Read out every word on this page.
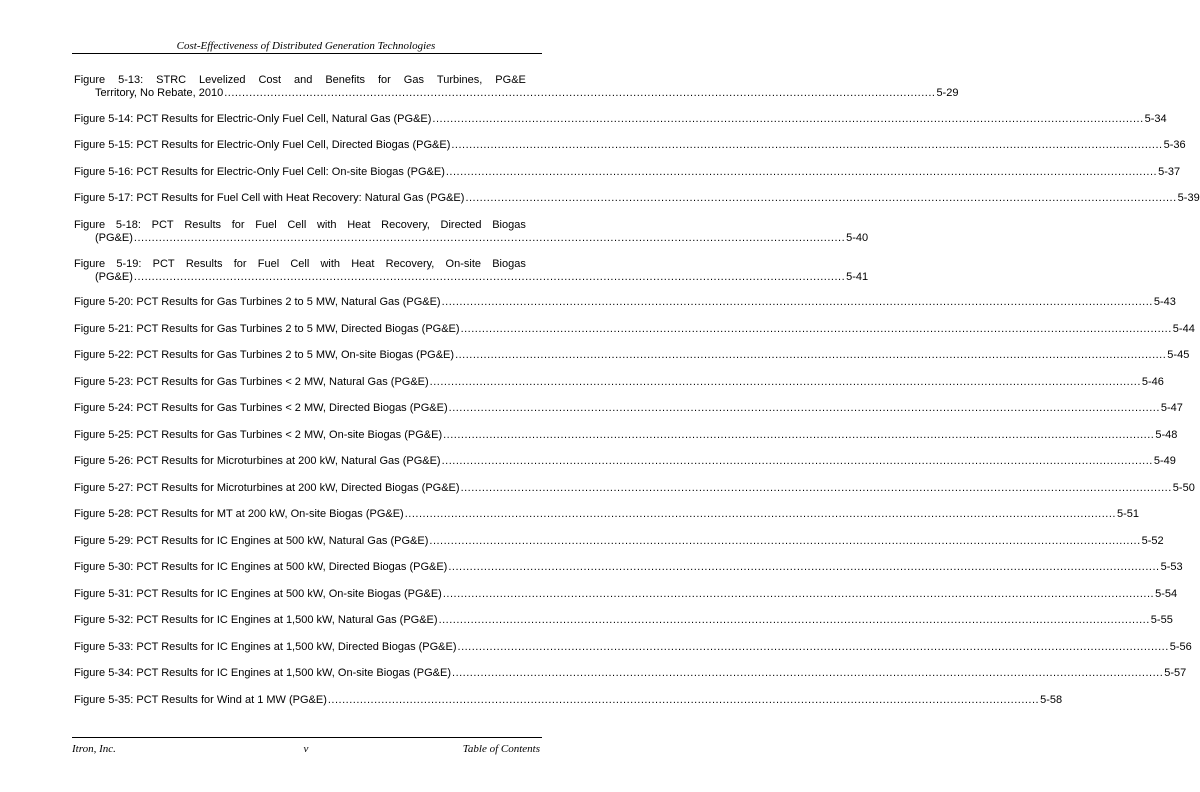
Cost-Effectiveness of Distributed Generation Technologies
Figure 5-13: STRC Levelized Cost and Benefits for Gas Turbines, PG&E
Territory, No Rebate, 2010 ........................................................................................................................................................................................................ 5-29
Figure 5-14: PCT Results for Electric-Only Fuel Cell, Natural Gas (PG&E) ........................................................................................................................................................................................................ 5-34
Figure 5-15: PCT Results for Electric-Only Fuel Cell, Directed Biogas (PG&E) ........................................................................................................................................................................................................ 5-36
Figure 5-16: PCT Results for Electric-Only Fuel Cell: On-site Biogas (PG&E) ........................................................................................................................................................................................................ 5-37
Figure 5-17: PCT Results for Fuel Cell with Heat Recovery: Natural Gas (PG&E) ........................................................................................................................................................................................................ 5-39
Figure 5-18: PCT Results for Fuel Cell with Heat Recovery, Directed Biogas
(PG&E) ........................................................................................................................................................................................................ 5-40
Figure 5-19: PCT Results for Fuel Cell with Heat Recovery, On-site Biogas
(PG&E) ........................................................................................................................................................................................................ 5-41
Figure 5-20: PCT Results for Gas Turbines 2 to 5 MW, Natural Gas (PG&E) ........................................................................................................................................................................................................ 5-43
Figure 5-21: PCT Results for Gas Turbines 2 to 5 MW, Directed Biogas (PG&E) ........................................................................................................................................................................................................ 5-44
Figure 5-22: PCT Results for Gas Turbines 2 to 5 MW, On-site Biogas (PG&E) ........................................................................................................................................................................................................ 5-45
Figure 5-23: PCT Results for Gas Turbines < 2 MW, Natural Gas (PG&E) ........................................................................................................................................................................................................ 5-46
Figure 5-24: PCT Results for Gas Turbines < 2 MW, Directed Biogas (PG&E) ........................................................................................................................................................................................................ 5-47
Figure 5-25: PCT Results for Gas Turbines < 2 MW, On-site Biogas (PG&E) ........................................................................................................................................................................................................ 5-48
Figure 5-26: PCT Results for Microturbines at 200 kW, Natural Gas (PG&E) ........................................................................................................................................................................................................ 5-49
Figure 5-27: PCT Results for Microturbines at 200 kW, Directed Biogas (PG&E) ........................................................................................................................................................................................................ 5-50
Figure 5-28: PCT Results for MT at 200 kW, On-site Biogas (PG&E) ........................................................................................................................................................................................................ 5-51
Figure 5-29: PCT Results for IC Engines at 500 kW, Natural Gas (PG&E) ........................................................................................................................................................................................................ 5-52
Figure 5-30: PCT Results for IC Engines at 500 kW, Directed Biogas (PG&E) ........................................................................................................................................................................................................ 5-53
Figure 5-31: PCT Results for IC Engines at 500 kW, On-site Biogas (PG&E) ........................................................................................................................................................................................................ 5-54
Figure 5-32: PCT Results for IC Engines at 1,500 kW, Natural Gas (PG&E) ........................................................................................................................................................................................................ 5-55
Figure 5-33: PCT Results for IC Engines at 1,500 kW, Directed Biogas (PG&E) ........................................................................................................................................................................................................ 5-56
Figure 5-34: PCT Results for IC Engines at 1,500 kW, On-site Biogas (PG&E) ........................................................................................................................................................................................................ 5-57
Figure 5-35: PCT Results for Wind at 1 MW (PG&E) ........................................................................................................................................................................................................ 5-58
Itron, Inc.	v	Table of Contents
